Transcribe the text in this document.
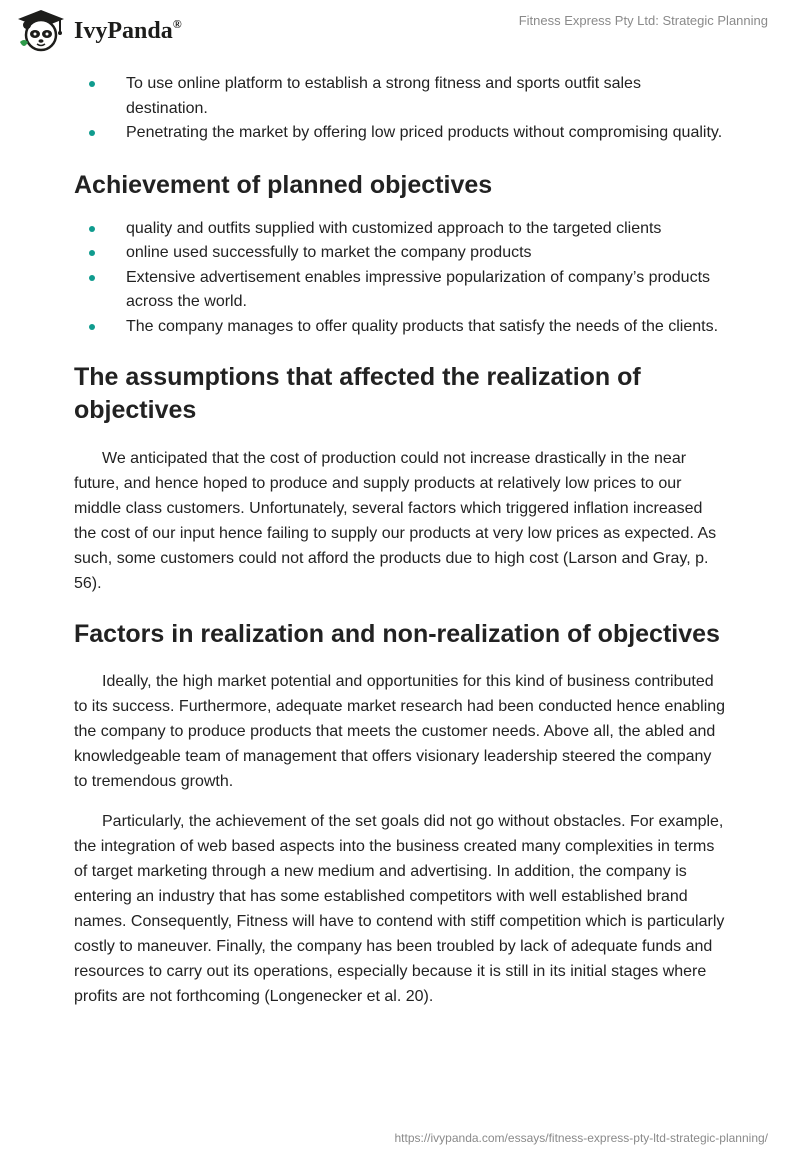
IvyPanda®	Fitness Express Pty Ltd: Strategic Planning
To use online platform to establish a strong fitness and sports outfit sales destination.
Penetrating the market by offering low priced products without compromising quality.
Achievement of planned objectives
quality and outfits supplied with customized approach to the targeted clients
online used successfully to market the company products
Extensive advertisement enables impressive popularization of company’s products across the world.
The company manages to offer quality products that satisfy the needs of the clients.
The assumptions that affected the realization of objectives

We anticipated that the cost of production could not increase drastically in the near future, and hence hoped to produce and supply products at relatively low prices to our middle class customers. Unfortunately, several factors which triggered inflation increased the cost of our input hence failing to supply our products at very low prices as expected. As such, some customers could not afford the products due to high cost (Larson and Gray, p. 56).

Factors in realization and non-realization of objectives

Ideally, the high market potential and opportunities for this kind of business contributed to its success. Furthermore, adequate market research had been conducted hence enabling the company to produce products that meets the customer needs. Above all, the abled and knowledgeable team of management that offers visionary leadership steered the company to tremendous growth.

Particularly, the achievement of the set goals did not go without obstacles. For example, the integration of web based aspects into the business created many complexities in terms of target marketing through a new medium and advertising. In addition, the company is entering an industry that has some established competitors with well established brand names. Consequently, Fitness will have to contend with stiff competition which is particularly costly to maneuver. Finally, the company has been troubled by lack of adequate funds and resources to carry out its operations, especially because it is still in its initial stages where profits are not forthcoming (Longenecker et al. 20).

https://ivypanda.com/essays/fitness-express-pty-ltd-strategic-planning/
